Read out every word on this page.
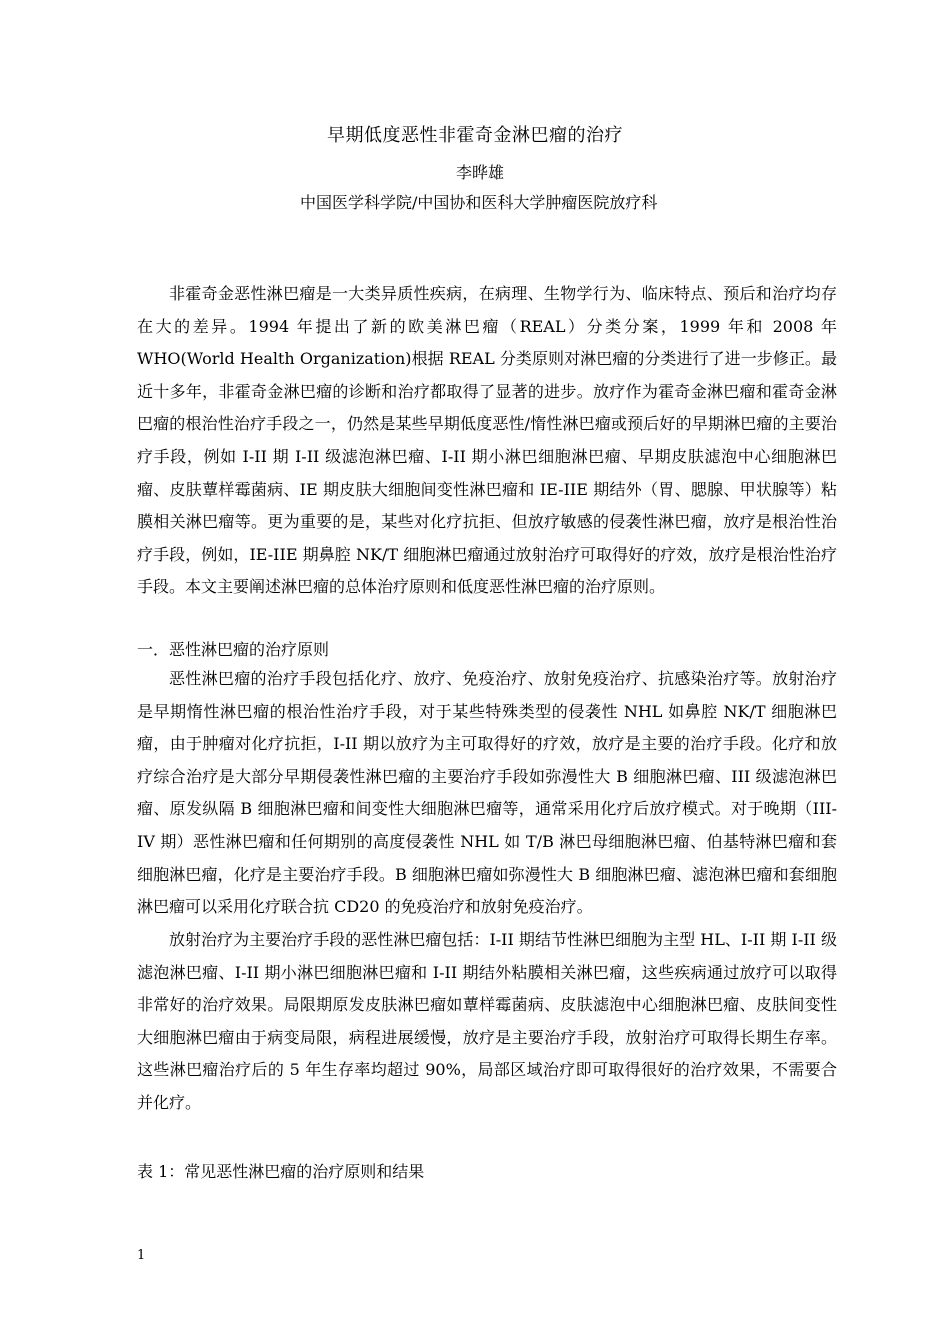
早期低度恶性非霍奇金淋巴瘤的治疗

李晔雄

中国医学科学院/中国协和医科大学肿瘤医院放疗科

非霍奇金恶性淋巴瘤是一大类异质性疾病，在病理、生物学行为、临床特点、预后和治疗均存在大的差异。1994 年提出了新的欧美淋巴瘤（REAL）分类分案，1999 年和 2008 年 WHO(World Health Organization)根据 REAL 分类原则对淋巴瘤的分类进行了进一步修正。最近十多年，非霍奇金淋巴瘤的诊断和治疗都取得了显著的进步。放疗作为霍奇金淋巴瘤和霍奇金淋巴瘤的根治性治疗手段之一，仍然是某些早期低度恶性/惰性淋巴瘤或预后好的早期淋巴瘤的主要治疗手段，例如 I-II 期 I-II 级滤泡淋巴瘤、I-II 期小淋巴细胞淋巴瘤、早期皮肤滤泡中心细胞淋巴瘤、皮肤蕈样霉菌病、IE 期皮肤大细胞间变性淋巴瘤和 IE-IIE 期结外（胃、腮腺、甲状腺等）粘膜相关淋巴瘤等。更为重要的是，某些对化疗抗拒、但放疗敏感的侵袭性淋巴瘤，放疗是根治性治疗手段，例如，IE-IIE 期鼻腔 NK/T 细胞淋巴瘤通过放射治疗可取得好的疗效，放疗是根治性治疗手段。本文主要阐述淋巴瘤的总体治疗原则和低度恶性淋巴瘤的治疗原则。

一．恶性淋巴瘤的治疗原则

恶性淋巴瘤的治疗手段包括化疗、放疗、免疫治疗、放射免疫治疗、抗感染治疗等。放射治疗是早期惰性淋巴瘤的根治性治疗手段，对于某些特殊类型的侵袭性 NHL 如鼻腔 NK/T 细胞淋巴瘤，由于肿瘤对化疗抗拒，I-II 期以放疗为主可取得好的疗效，放疗是主要的治疗手段。化疗和放疗综合治疗是大部分早期侵袭性淋巴瘤的主要治疗手段如弥漫性大 B 细胞淋巴瘤、III 级滤泡淋巴瘤、原发纵隔 B 细胞淋巴瘤和间变性大细胞淋巴瘤等，通常采用化疗后放疗模式。对于晚期（III-IV 期）恶性淋巴瘤和任何期别的高度侵袭性 NHL 如 T/B 淋巴母细胞淋巴瘤、伯基特淋巴瘤和套细胞淋巴瘤，化疗是主要治疗手段。B 细胞淋巴瘤如弥漫性大 B 细胞淋巴瘤、滤泡淋巴瘤和套细胞淋巴瘤可以采用化疗联合抗 CD20 的免疫治疗和放射免疫治疗。

放射治疗为主要治疗手段的恶性淋巴瘤包括：I-II 期结节性淋巴细胞为主型 HL、I-II 期 I-II 级滤泡淋巴瘤、I-II 期小淋巴细胞淋巴瘤和 I-II 期结外粘膜相关淋巴瘤，这些疾病通过放疗可以取得非常好的治疗效果。局限期原发皮肤淋巴瘤如蕈样霉菌病、皮肤滤泡中心细胞淋巴瘤、皮肤间变性大细胞淋巴瘤由于病变局限，病程进展缓慢，放疗是主要治疗手段，放射治疗可取得长期生存率。这些淋巴瘤治疗后的 5 年生存率均超过 90%，局部区域治疗即可取得很好的治疗效果，不需要合并化疗。

表 1：常见恶性淋巴瘤的治疗原则和结果

1
